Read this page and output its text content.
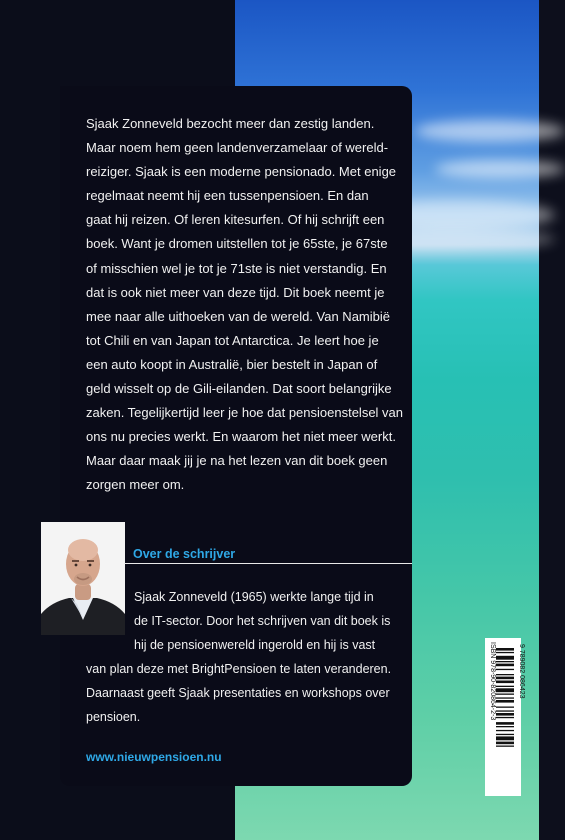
Sjaak Zonneveld bezocht meer dan zestig landen.
Maar noem hem geen landenverzamelaar of wereld-
reiziger. Sjaak is een moderne pensionado. Met enige
regelmaat neemt hij een tussenpensioen. En dan
gaat hij reizen. Of leren kitesurfen. Of hij schrijft een
boek. Want je dromen uitstellen tot je 65ste, je 67ste
of misschien wel je tot je 71ste is niet verstandig. En
dat is ook niet meer van deze tijd. Dit boek neemt je
mee naar alle uithoeken van de wereld. Van Namibië
tot Chili en van Japan tot Antarctica. Je leert hoe je
een auto koopt in Australië, bier bestelt in Japan of
geld wisselt op de Gili-eilanden. Dat soort belangrijke
zaken. Tegelijkertijd leer je hoe dat pensioenstelsel van
ons nu precies werkt. En waarom het niet meer werkt.
Maar daar maak jij je na het lezen van dit boek geen
zorgen meer om.

Over de schrijver

Sjaak Zonneveld (1965) werkte lange tijd in
de IT-sector. Door het schrijven van dit boek is
hij de pensioenwereld ingerold en hij is vast
van plan deze met BrightPensioen te laten veranderen.
Daarnaast geeft Sjaak presentaties en workshops over
pensioen.
www.nieuwpensioen.nu
ISBN 978-90-820864-2-3	9 789082 086423
